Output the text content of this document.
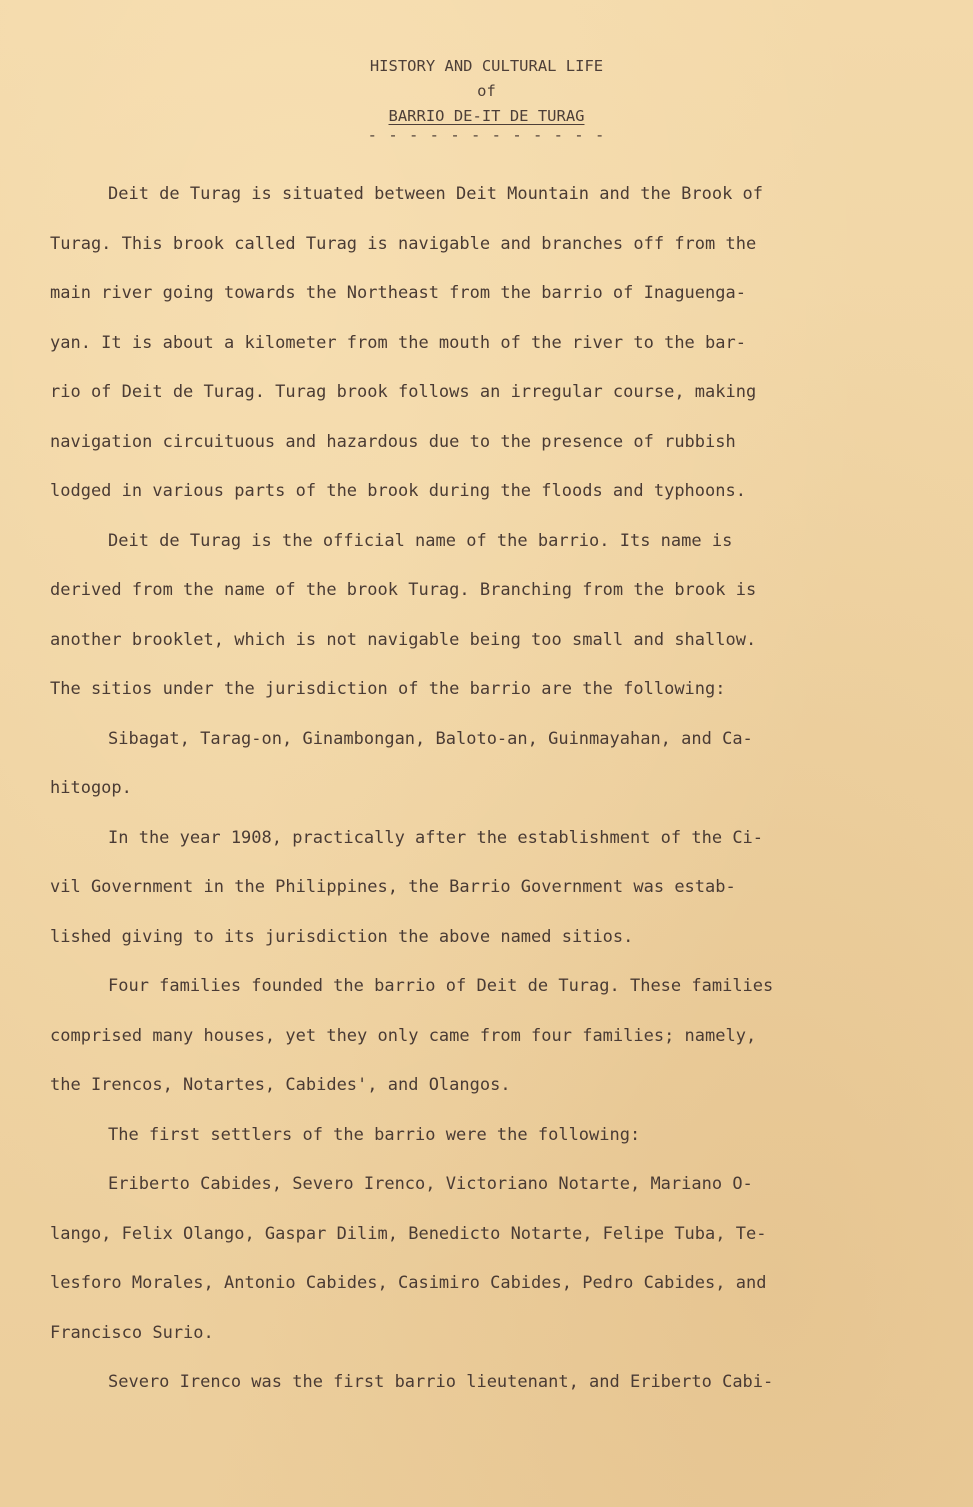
HISTORY AND CULTURAL LIFE
of
BARRIO DE-IT DE TURAG
- - - - - - - - - - - -
Deit de Turag is situated between Deit Mountain and the Brook of
Turag. This brook called Turag is navigable and branches off from the
main river going towards the Northeast from the barrio of Inaguenga-
yan. It is about a kilometer from the mouth of the river to the bar-
rio of Deit de Turag. Turag brook follows an irregular course, making
navigation circuituous and hazardous due to the presence of rubbish
lodged in various parts of the brook during the floods and typhoons.
Deit de Turag is the official name of the barrio. Its name is
derived from the name of the brook Turag. Branching from the brook is
another brooklet, which is not navigable being too small and shallow.
The sitios under the jurisdiction of the barrio are the following:
Sibagat, Tarag-on, Ginambongan, Baloto-an, Guinmayahan, and Ca-
hitogop.
In the year 1908, practically after the establishment of the Ci-
vil Government in the Philippines, the Barrio Government was estab-
lished giving to its jurisdiction the above named sitios.
Four families founded the barrio of Deit de Turag. These families
comprised many houses, yet they only came from four families; namely,
the Irencos, Notartes, Cabides', and Olangos.
The first settlers of the barrio were the following:
Eriberto Cabides, Severo Irenco, Victoriano Notarte, Mariano O-
lango, Felix Olango, Gaspar Dilim, Benedicto Notarte, Felipe Tuba, Te-
lesforo Morales, Antonio Cabides, Casimiro Cabides, Pedro Cabides, and
Francisco Surio.
Severo Irenco was the first barrio lieutenant, and Eriberto Cabi-
